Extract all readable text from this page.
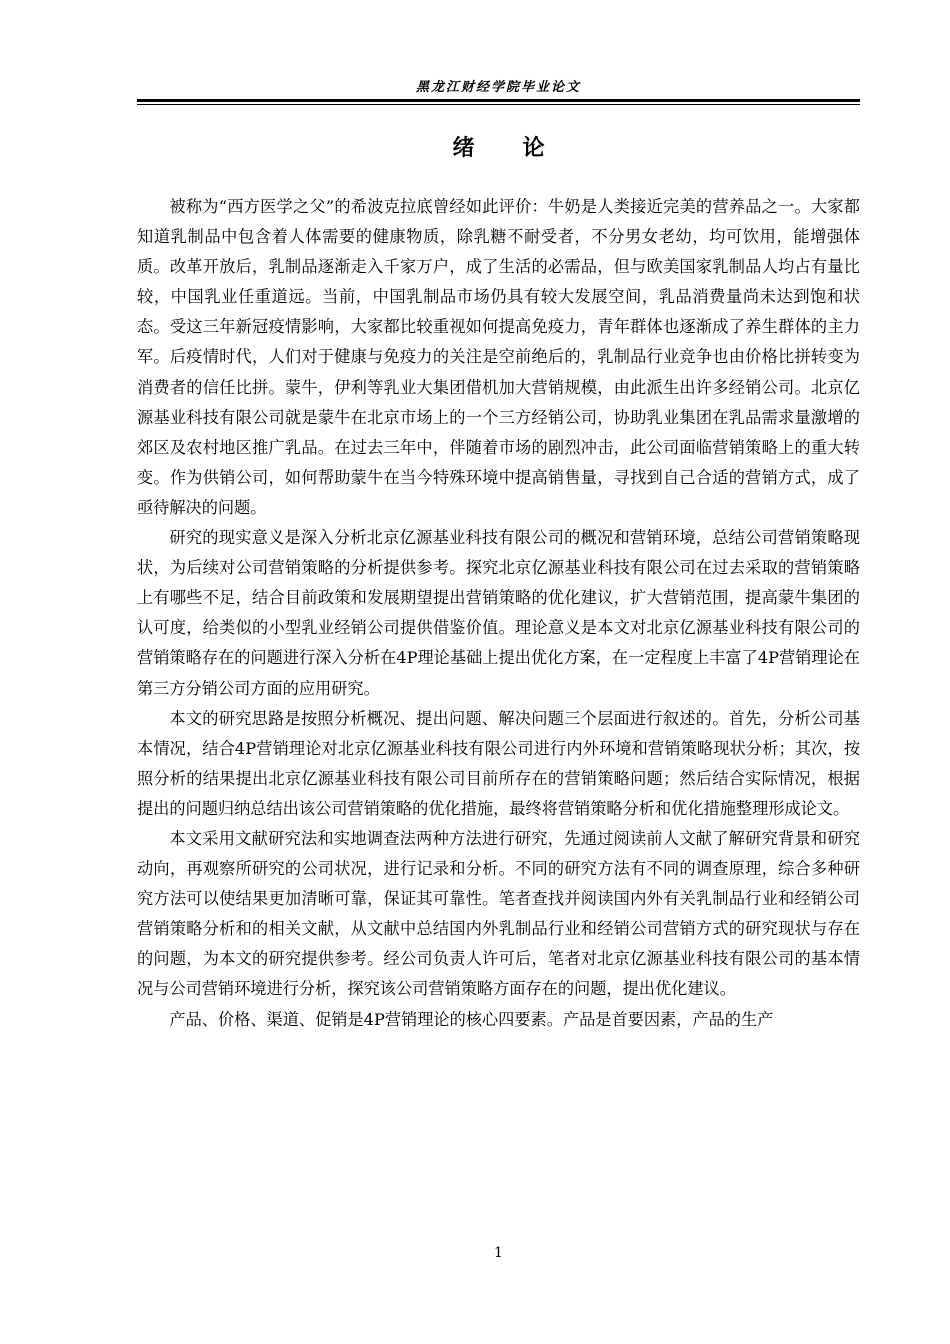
黑龙江财经学院毕业论文
绪论

被称为“西方医学之父”的希波克拉底曾经如此评价：牛奶是人类接近完美的营养品之一。大家都知道乳制品中包含着人体需要的健康物质，除乳糖不耐受者，不分男女老幼，均可饮用，能增强体质。改革开放后，乳制品逐渐走入千家万户，成了生活的必需品，但与欧美国家乳制品人均占有量比较，中国乳业任重道远。当前，中国乳制品市场仍具有较大发展空间，乳品消费量尚未达到饱和状态。受这三年新冠疫情影响，大家都比较重视如何提高免疫力，青年群体也逐渐成了养生群体的主力军。后疫情时代，人们对于健康与免疫力的关注是空前绝后的，乳制品行业竞争也由价格比拼转变为消费者的信任比拼。蒙牛，伊利等乳业大集团借机加大营销规模，由此派生出许多经销公司。北京亿源基业科技有限公司就是蒙牛在北京市场上的一个三方经销公司，协助乳业集团在乳品需求量激增的郊区及农村地区推广乳品。在过去三年中，伴随着市场的剧烈冲击，此公司面临营销策略上的重大转变。作为供销公司，如何帮助蒙牛在当今特殊环境中提高销售量，寻找到自己合适的营销方式，成了亟待解决的问题。

研究的现实意义是深入分析北京亿源基业科技有限公司的概况和营销环境，总结公司营销策略现状，为后续对公司营销策略的分析提供参考。探究北京亿源基业科技有限公司在过去采取的营销策略上有哪些不足，结合目前政策和发展期望提出营销策略的优化建议，扩大营销范围，提高蒙牛集团的认可度，给类似的小型乳业经销公司提供借鉴价值。理论意义是本文对北京亿源基业科技有限公司的营销策略存在的问题进行深入分析在4P理论基础上提出优化方案，在一定程度上丰富了4P营销理论在第三方分销公司方面的应用研究。

本文的研究思路是按照分析概况、提出问题、解决问题三个层面进行叙述的。首先，分析公司基本情况，结合4P营销理论对北京亿源基业科技有限公司进行内外环境和营销策略现状分析；其次，按照分析的结果提出北京亿源基业科技有限公司目前所存在的营销策略问题；然后结合实际情况，根据提出的问题归纳总结出该公司营销策略的优化措施，最终将营销策略分析和优化措施整理形成论文。

本文采用文献研究法和实地调查法两种方法进行研究，先通过阅读前人文献了解研究背景和研究动向，再观察所研究的公司状况，进行记录和分析。不同的研究方法有不同的调查原理，综合多种研究方法可以使结果更加清晰可靠，保证其可靠性。笔者查找并阅读国内外有关乳制品行业和经销公司营销策略分析和的相关文献，从文献中总结国内外乳制品行业和经销公司营销方式的研究现状与存在的问题，为本文的研究提供参考。经公司负责人许可后，笔者对北京亿源基业科技有限公司的基本情况与公司营销环境进行分析，探究该公司营销策略方面存在的问题，提出优化建议。

产品、价格、渠道、促销是4P营销理论的核心四要素。产品是首要因素，产品的生产

1
